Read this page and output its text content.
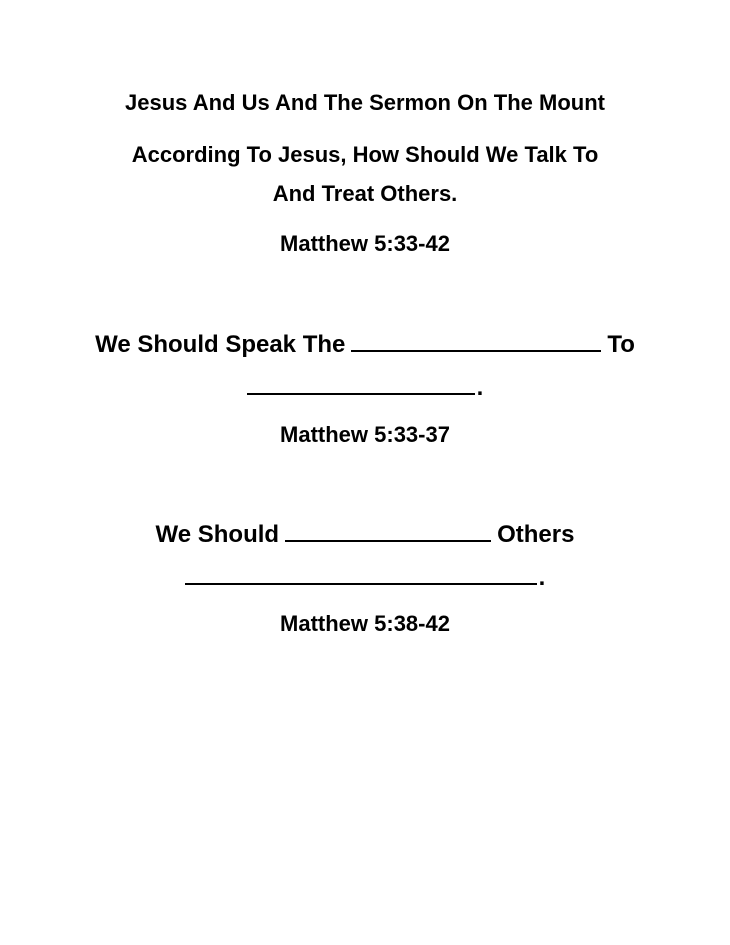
Jesus And Us And The Sermon On The Mount
According To Jesus, How Should We Talk To
And Treat Others.
Matthew 5:33-42
We Should Speak The	To
.
Matthew 5:33-37
We Should	Others
.
Matthew 5:38-42
